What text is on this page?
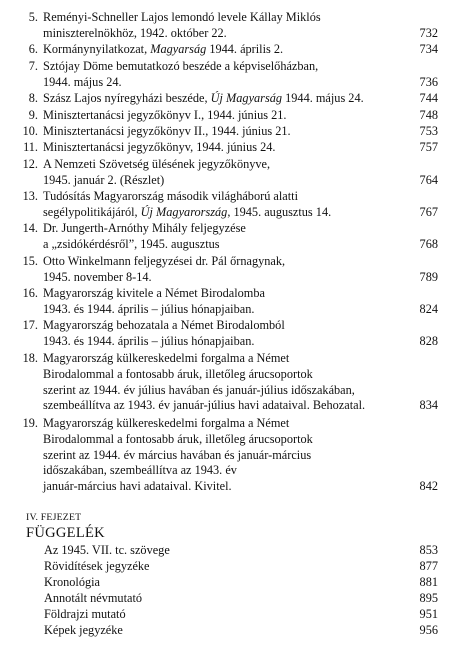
5. Reményi-Schneller Lajos lemondó levele Kállay Miklós
miniszterelnökhöz, 1942. október 22.	732
6. Kormánynyilatkozat, Magyarság 1944. április 2.	734
7. Sztójay Döme bemutatkozó beszéde a képviselőházban,
1944. május 24.	736
8. Szász Lajos nyíregyházi beszéde, Új Magyarság 1944. május 24.	744
9. Minisztertanácsi jegyzőkönyv I., 1944. június 21.	748
10. Minisztertanácsi jegyzőkönyv II., 1944. június 21.	753
11. Minisztertanácsi jegyzőkönyv, 1944. június 24.	757
12. A Nemzeti Szövetség ülésének jegyzőkönyve,
1945. január 2. (Részlet)	764
13. Tudósítás Magyarország második világháború alatti
segélypolitikájáról, Új Magyarország, 1945. augusztus 14.	767
14. Dr. Jungerth-Arnóthy Mihály feljegyzése
a „zsidókérdésről”, 1945. augusztus	768
15. Otto Winkelmann feljegyzései dr. Pál őrnagynak,
1945. november 8-14.	789
16. Magyarország kivitele a Német Birodalomba
1943. és 1944. április – július hónapjaiban.	824
17. Magyarország behozatala a Német Birodalomból
1943. és 1944. április – július hónapjaiban.	828
18. Magyarország külkereskedelmi forgalma a Német
Birodalommal a fontosabb áruk, illetőleg árucsoportok
szerint az 1944. év július havában és január-július időszakában,
szembeállítva az 1943. év január-július havi adataival. Behozatal.	834
19. Magyarország külkereskedelmi forgalma a Német
Birodalommal a fontosabb áruk, illetőleg árucsoportok
szerint az 1944. év március havában és január-március
időszakában, szembeállítva az 1943. év
január-március havi adataival. Kivitel.	842
IV. FEJEZET
FÜGGELÉK
Az 1945. VII. tc. szövege	853
Rövidítések jegyzéke	877
Kronológia	881
Annotált névmutató	895
Földrajzi mutató	951
Képek jegyzéke	956
